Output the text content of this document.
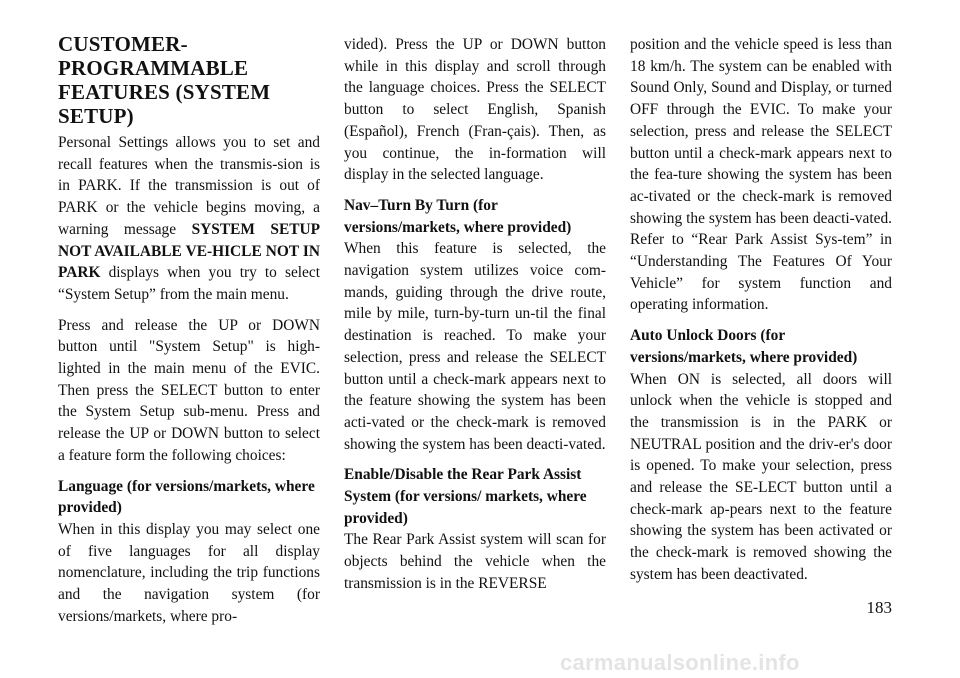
CUSTOMER-PROGRAMMABLE FEATURES (SYSTEM SETUP)

Personal Settings allows you to set and recall features when the transmis-sion is in PARK. If the transmission is out of PARK or the vehicle begins moving, a warning message SYSTEM SETUP NOT AVAILABLE VE-HICLE NOT IN PARK displays when you try to select “System Setup” from the main menu.

Press and release the UP or DOWN button until "System Setup" is high-lighted in the main menu of the EVIC. Then press the SELECT button to enter the System Setup sub-menu. Press and release the UP or DOWN button to select a feature form the following choices:

Language (for versions/markets, where provided)

When in this display you may select one of five languages for all display nomenclature, including the trip functions and the navigation system (for versions/markets, where pro-

vided). Press the UP or DOWN button while in this display and scroll through the language choices. Press the SELECT button to select English, Spanish (Español), French (Fran-çais). Then, as you continue, the in-formation will display in the selected language.

Nav–Turn By Turn (for versions/markets, where provided)

When this feature is selected, the navigation system utilizes voice com-mands, guiding through the drive route, mile by mile, turn-by-turn un-til the final destination is reached. To make your selection, press and release the SELECT button until a check-mark appears next to the feature showing the system has been acti-vated or the check-mark is removed showing the system has been deacti-vated.

Enable/Disable the Rear Park Assist System (for versions/ markets, where provided)

The Rear Park Assist system will scan for objects behind the vehicle when the transmission is in the REVERSE

position and the vehicle speed is less than 18 km/h. The system can be enabled with Sound Only, Sound and Display, or turned OFF through the EVIC. To make your selection, press and release the SELECT button until a check-mark appears next to the fea-ture showing the system has been ac-tivated or the check-mark is removed showing the system has been deacti-vated. Refer to “Rear Park Assist Sys-tem” in “Understanding The Features Of Your Vehicle” for system function and operating information.

Auto Unlock Doors (for versions/markets, where provided)

When ON is selected, all doors will unlock when the vehicle is stopped and the transmission is in the PARK or NEUTRAL position and the driv-er's door is opened. To make your selection, press and release the SE-LECT button until a check-mark ap-pears next to the feature showing the system has been activated or the check-mark is removed showing the system has been deactivated.

183
carmanualsonline.info
